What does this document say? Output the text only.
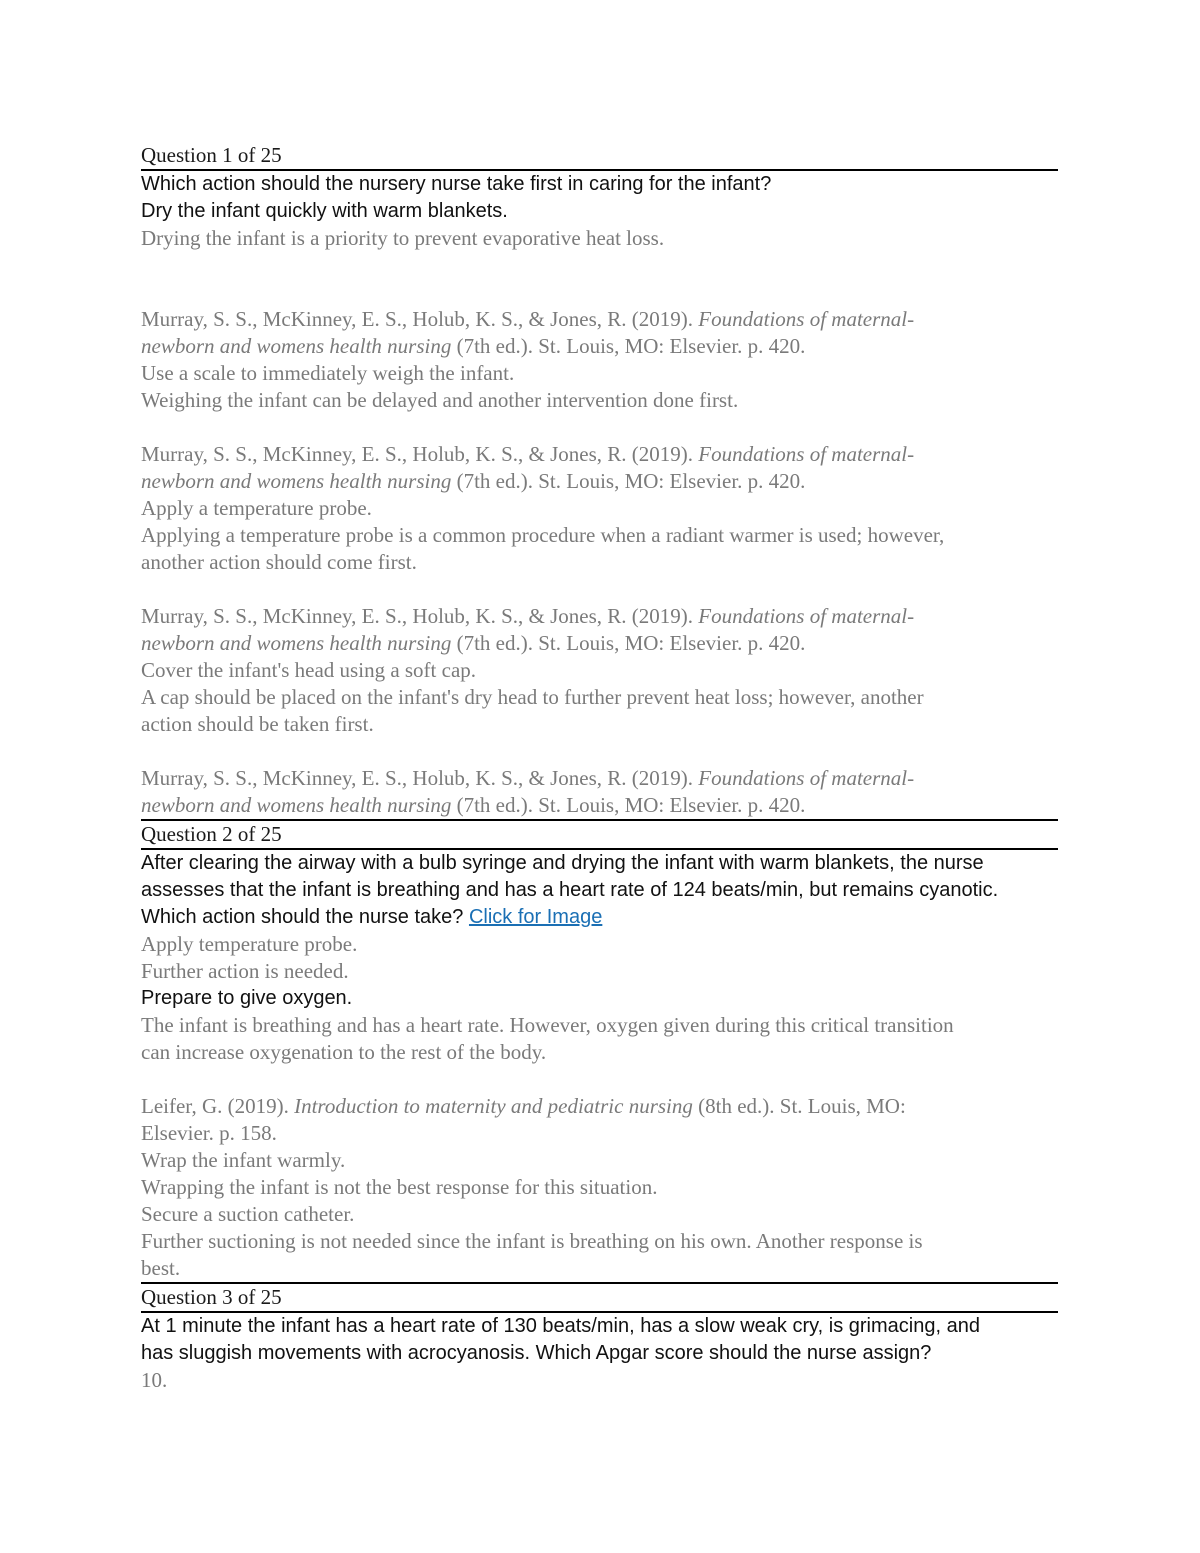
Question 1 of 25

Which action should the nursery nurse take first in caring for the infant?

Dry the infant quickly with warm blankets.

Drying the infant is a priority to prevent evaporative heat loss.

Murray, S. S., McKinney, E. S., Holub, K. S., & Jones, R. (2019). Foundations of maternal-

newborn and womens health nursing (7th ed.). St. Louis, MO: Elsevier. p. 420.

Use a scale to immediately weigh the infant.

Weighing the infant can be delayed and another intervention done first.

Murray, S. S., McKinney, E. S., Holub, K. S., & Jones, R. (2019). Foundations of maternal-

newborn and womens health nursing (7th ed.). St. Louis, MO: Elsevier. p. 420.

Apply a temperature probe.

Applying a temperature probe is a common procedure when a radiant warmer is used; however,

another action should come first.

Murray, S. S., McKinney, E. S., Holub, K. S., & Jones, R. (2019). Foundations of maternal-

newborn and womens health nursing (7th ed.). St. Louis, MO: Elsevier. p. 420.

Cover the infant's head using a soft cap.

A cap should be placed on the infant's dry head to further prevent heat loss; however, another

action should be taken first.

Murray, S. S., McKinney, E. S., Holub, K. S., & Jones, R. (2019). Foundations of maternal-

newborn and womens health nursing (7th ed.). St. Louis, MO: Elsevier. p. 420.

Question 2 of 25

After clearing the airway with a bulb syringe and drying the infant with warm blankets, the nurse

assesses that the infant is breathing and has a heart rate of 124 beats/min, but remains cyanotic.

Which action should the nurse take? Click for Image

Apply temperature probe.

Further action is needed.

Prepare to give oxygen.

The infant is breathing and has a heart rate. However, oxygen given during this critical transition

can increase oxygenation to the rest of the body.

Leifer, G. (2019). Introduction to maternity and pediatric nursing (8th ed.). St. Louis, MO:

Elsevier. p. 158.

Wrap the infant warmly.

Wrapping the infant is not the best response for this situation.

Secure a suction catheter.

Further suctioning is not needed since the infant is breathing on his own. Another response is

best.

Question 3 of 25

At 1 minute the infant has a heart rate of 130 beats/min, has a slow weak cry, is grimacing, and

has sluggish movements with acrocyanosis. Which Apgar score should the nurse assign?

10.
